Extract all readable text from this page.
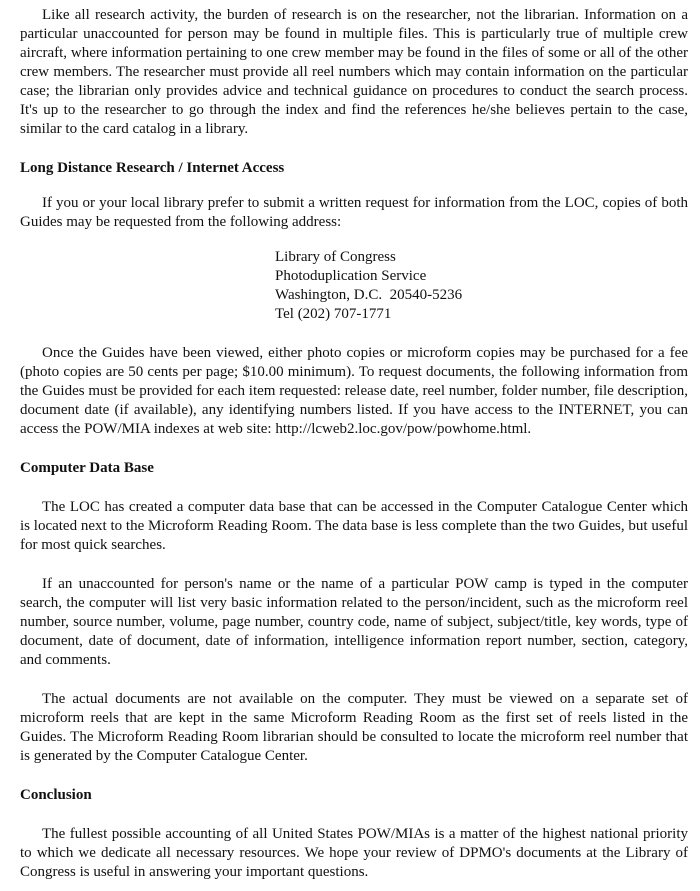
Like all research activity, the burden of research is on the researcher, not the librarian. Information on a particular unaccounted for person may be found in multiple files. This is particularly true of multiple crew aircraft, where information pertaining to one crew member may be found in the files of some or all of the other crew members. The researcher must provide all reel numbers which may contain information on the particular case; the librarian only provides advice and technical guidance on procedures to conduct the search process. It's up to the researcher to go through the index and find the references he/she believes pertain to the case, similar to the card catalog in a library.

Long Distance Research / Internet Access

If you or your local library prefer to submit a written request for information from the LOC, copies of both Guides may be requested from the following address:

Library of Congress
Photoduplication Service
Washington, D.C.  20540-5236
Tel (202) 707-1771

Once the Guides have been viewed, either photo copies or microform copies may be purchased for a fee (photo copies are 50 cents per page; $10.00 minimum). To request documents, the following information from the Guides must be provided for each item requested: release date, reel number, folder number, file description, document date (if available), any identifying numbers listed. If you have access to the INTERNET, you can access the POW/MIA indexes at web site: http://lcweb2.loc.gov/pow/powhome.html.

Computer Data Base

The LOC has created a computer data base that can be accessed in the Computer Catalogue Center which is located next to the Microform Reading Room. The data base is less complete than the two Guides, but useful for most quick searches.

If an unaccounted for person's name or the name of a particular POW camp is typed in the computer search, the computer will list very basic information related to the person/incident, such as the microform reel number, source number, volume, page number, country code, name of subject, subject/title, key words, type of document, date of document, date of information, intelligence information report number, section, category, and comments.

The actual documents are not available on the computer. They must be viewed on a separate set of microform reels that are kept in the same Microform Reading Room as the first set of reels listed in the Guides. The Microform Reading Room librarian should be consulted to locate the microform reel number that is generated by the Computer Catalogue Center.

Conclusion

The fullest possible accounting of all United States POW/MIAs is a matter of the highest national priority to which we dedicate all necessary resources. We hope your review of DPMO's documents at the Library of Congress is useful in answering your important questions.
